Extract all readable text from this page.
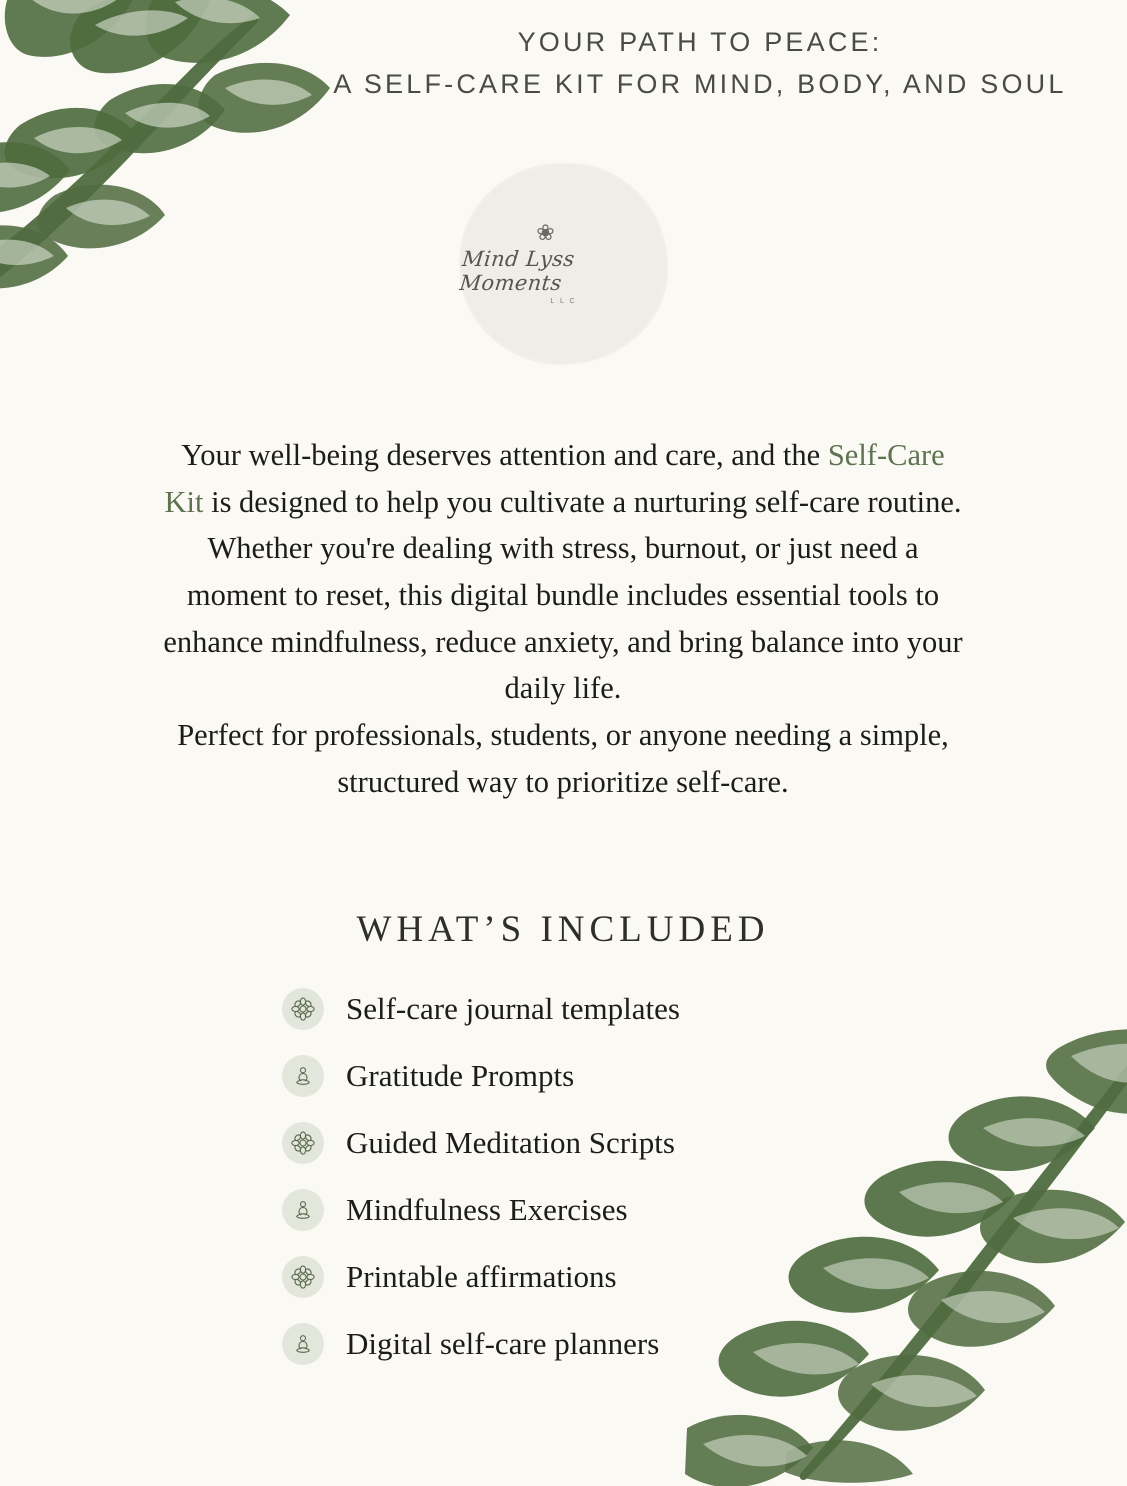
YOUR PATH TO PEACE:
A SELF-CARE KIT FOR MIND, BODY, AND SOUL
❀
Mind Lyss Moments
L L C

Your well-being deserves attention and care, and the Self-Care Kit is designed to help you cultivate a nurturing self-care routine.

Whether you're dealing with stress, burnout, or just need a moment to reset, this digital bundle includes essential tools to enhance mindfulness, reduce anxiety, and bring balance into your daily life.

Perfect for professionals, students, or anyone needing a simple, structured way to prioritize self-care.

WHAT’S INCLUDED
Self-care journal templates
Gratitude Prompts
Guided Meditation Scripts
Mindfulness Exercises
Printable affirmations
Digital self-care planners
